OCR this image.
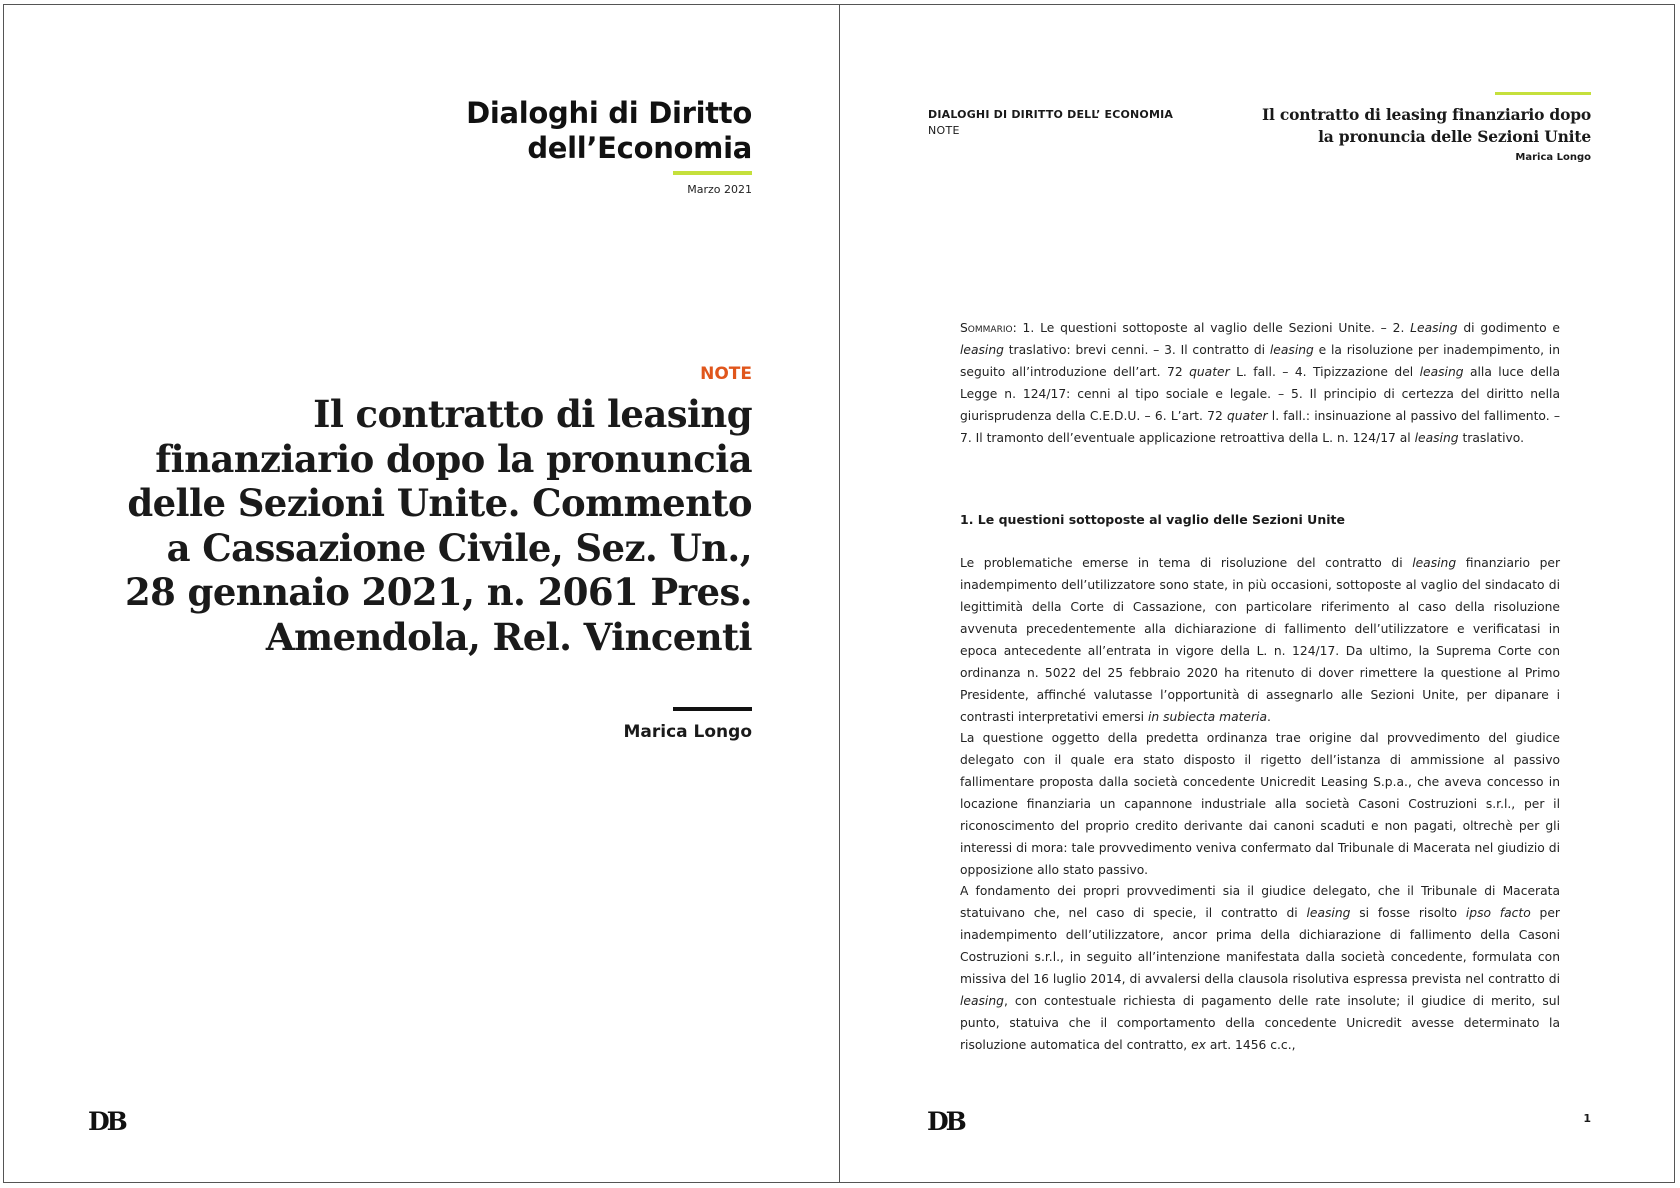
Dialoghi di Diritto
dell’Economia
Marzo 2021
NOTE
Il contratto di leasing finanziario dopo la pronuncia delle Sezioni Unite. Commento a Cassazione Civile, Sez. Un., 28 gennaio 2021, n. 2061 Pres. Amendola, Rel. Vincenti
Marica Longo
DB
DIALOGHI DI DIRITTO DELL’ ECONOMIA
NOTE
Il contratto di leasing finanziario dopo
la pronuncia delle Sezioni Unite
Marica Longo

Sommario: 1. Le questioni sottoposte al vaglio delle Sezioni Unite. – 2. Leasing di godimento e leasing traslativo: brevi cenni. – 3. Il contratto di leasing e la risoluzione per inadempimento, in seguito all’introduzione dell’art. 72 quater L. fall. – 4. Tipizzazione del leasing alla luce della Legge n. 124/17: cenni al tipo sociale e legale. – 5. Il principio di certezza del diritto nella giurisprudenza della C.E.D.U. – 6. L’art. 72 quater l. fall.: insinuazione al passivo del fallimento. – 7. Il tramonto dell’eventuale applicazione retroattiva della L. n. 124/17 al leasing traslativo.

1. Le questioni sottoposte al vaglio delle Sezioni Unite

Le problematiche emerse in tema di risoluzione del contratto di leasing finanziario per inadempimento dell’utilizzatore sono state, in più occasioni, sottoposte al vaglio del sindacato di legittimità della Corte di Cassazione, con particolare riferimento al caso della risoluzione avvenuta precedentemente alla dichiarazione di fallimento dell’utilizzatore e verificatasi in epoca antecedente all’entrata in vigore della L. n. 124/17. Da ultimo, la Suprema Corte con ordinanza n. 5022 del 25 febbraio 2020 ha ritenuto di dover rimettere la questione al Primo Presidente, affinché valutasse l’opportunità di assegnarlo alle Sezioni Unite, per dipanare i contrasti interpretativi emersi in subiecta materia.

La questione oggetto della predetta ordinanza trae origine dal provvedimento del giudice delegato con il quale era stato disposto il rigetto dell’istanza di ammissione al passivo fallimentare proposta dalla società concedente Unicredit Leasing S.p.a., che aveva concesso in locazione finanziaria un capannone industriale alla società Casoni Costruzioni s.r.l., per il riconoscimento del proprio credito derivante dai canoni scaduti e non pagati, oltrechè per gli interessi di mora: tale provvedimento veniva confermato dal Tribunale di Macerata nel giudizio di opposizione allo stato passivo.

A fondamento dei propri provvedimenti sia il giudice delegato, che il Tribunale di Macerata statuivano che, nel caso di specie, il contratto di leasing si fosse risolto ipso facto per inadempimento dell’utilizzatore, ancor prima della dichiarazione di fallimento della Casoni Costruzioni s.r.l., in seguito all’intenzione manifestata dalla società concedente, formulata con missiva del 16 luglio 2014, di avvalersi della clausola risolutiva espressa prevista nel contratto di leasing, con contestuale richiesta di pagamento delle rate insolute; il giudice di merito, sul punto, statuiva che il comportamento della concedente Unicredit avesse determinato la risoluzione automatica del contratto, ex art. 1456 c.c.,

DB	1
